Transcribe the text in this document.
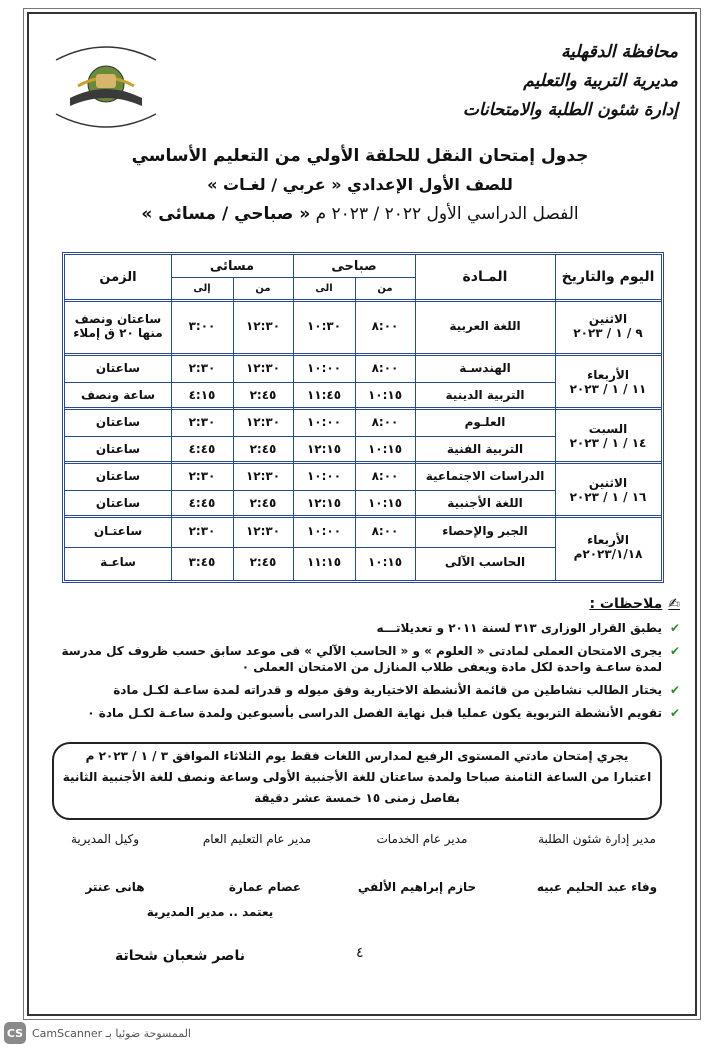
محافظة الدقهلية
مديرية التربية والتعليم
إدارة شئون الطلبة والامتحانات
جدول إمتحان النقل للحلقة الأولي من التعليم الأساسي
للصف الأول الإعدادي « عربي / لغـات »
الفصل الدراسي الأول ٢٠٢٢ / ٢٠٢٣ م « صباحي / مسائى »
اليوم والتاريخ
المـادة
صباحى
مسائى
الزمن
من
الى
من
إلى
اللغة العربية
٨:٠٠
١٠:٣٠
١٢:٣٠
٣:٠٠
ساعتان ونصف
منها ٢٠ ق إملاء
الهندسـة
٨:٠٠
١٠:٠٠
١٢:٣٠
٢:٣٠
ساعتان
التربية الدينية
١٠:١٥
١١:٤٥
٢:٤٥
٤:١٥
ساعة ونصف
العلـوم
٨:٠٠
١٠:٠٠
١٢:٣٠
٢:٣٠
ساعتان
التربية الفنية
١٠:١٥
١٢:١٥
٢:٤٥
٤:٤٥
ساعتان
الدراسات الاجتماعية
٨:٠٠
١٠:٠٠
١٢:٣٠
٢:٣٠
ساعتان
اللغة الأجنبية
١٠:١٥
١٢:١٥
٢:٤٥
٤:٤٥
ساعتان
الجبر والإحصاء
٨:٠٠
١٠:٠٠
١٢:٣٠
٢:٣٠
ساعتـان
الحاسب الآلى
١٠:١٥
١١:١٥
٢:٤٥
٣:٤٥
ساعـة
الاثنين
٩ / ١ / ٢٠٢٣
الأربعاء
١١ / ١ / ٢٠٢٣
السبت
١٤ / ١ / ٢٠٢٣
الاثنين
١٦ / ١ / ٢٠٢٣
الأربعاء
٢٠٢٣/١/١٨م
✍
ملاحظات :
✔
يطبق القرار الوزارى ٣١٣ لسنة ٢٠١١ و تعديلاتـــه
✔
يجرى الامتحان العملى لمادتى « العلوم » و « الحاسب الآلي » فى موعد سابق حسب ظروف كل مدرسة لمدة ساعـة واحدة لكل مادة ويعفى طلاب المنازل من الامتحان العملى ٠
✔
يختار الطالب نشاطين من قائمة الأنشطة الاختيارية وفق ميوله و قدراته لمدة ساعـة لكـل مادة
✔
تقويم الأنشطة التربوية يكون عمليا قبل نهاية الفصل الدراسى بأسبوعين ولمدة ساعـة لكـل مادة ٠
يجري إمتحان مادتي المستوى الرفيع لمدارس اللغات فقط يوم الثلاثاء الموافق ٣ / ١ / ٢٠٢٣ م
اعتبارا من الساعة الثامنة صباحا ولمدة ساعتان للغة الأجنبية الأولى وساعة ونصف للغة الأجنبية الثانية
بفاصل زمنى ١٥ خمسة عشر دقيقة
مدير إدارة شئون الطلبة
مدير عام الخدمات
مدير عام التعليم العام
وكيل المديرية
وفاء عبد الحليم عبيه
حازم إبراهيم الألفي
عصام عمارة
هانى عنتر
يعتمد .. مدير المديرية
ناصر شعبان شحاتة	٤
CS CamScanner الممسوحة ضوئيا بـ
